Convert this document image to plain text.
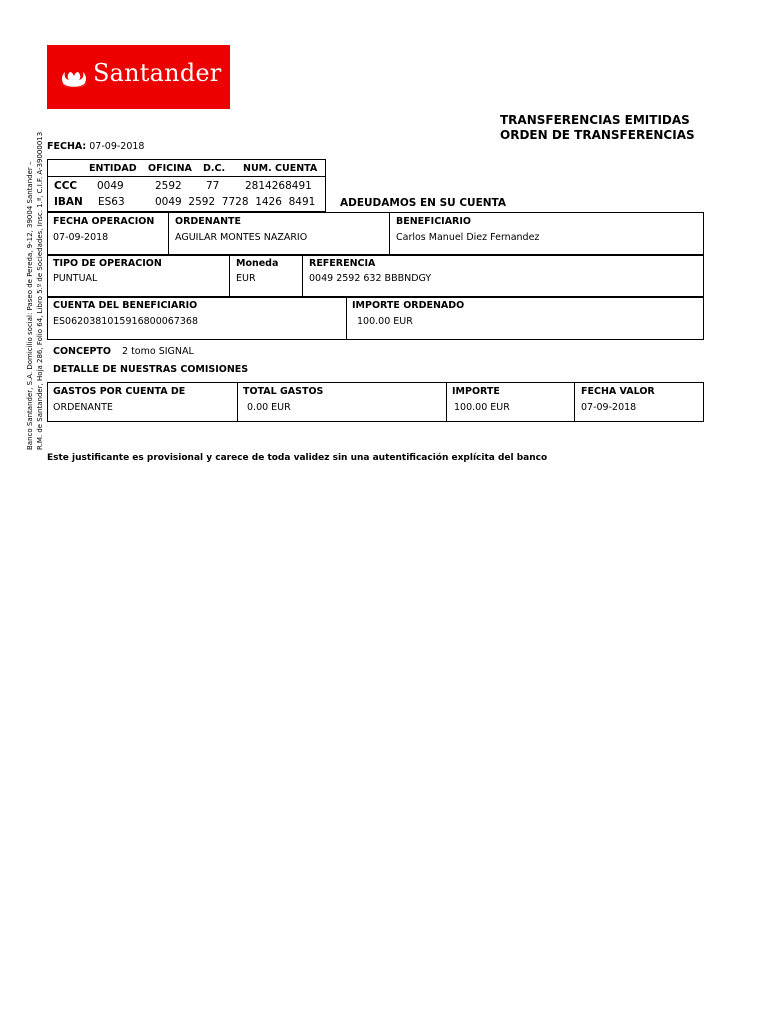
Santander
Banco Santander, S.A. Domicilio social: Paseo de Pereda, 9-12, 39004 Santander – R.M. de Santander, Hoja 286, Folio 64, Libro 5.º de Sociedades, Insc. 1.ª, C.I.F. A-39000013
TRANSFERENCIAS EMITIDAS
ORDEN DE TRANSFERENCIAS
FECHA: 07-09-2018
ENTIDAD OFICINA D.C. NUM. CUENTA
CCC 0049	2592 77 2814268491
IBAN ES63	0049  2592  7728  1426  8491 ADEUDAMOS EN SU CUENTA
FECHA OPERACION
07-09-2018
ORDENANTE
AGUILAR MONTES NAZARIO
BENEFICIARIO
Carlos Manuel Diez Fernandez
TIPO DE OPERACION
PUNTUAL
Moneda
EUR
REFERENCIA
0049 2592 632 BBBNDGY
CUENTA DEL BENEFICIARIO
ES0620381015916800067368
IMPORTE ORDENADO
100.00 EUR
CONCEPTO 2 tomo SIGNAL
DETALLE DE NUESTRAS COMISIONES
GASTOS POR CUENTA DE
ORDENANTE
TOTAL GASTOS
0.00 EUR
IMPORTE
100.00 EUR
FECHA VALOR
07-09-2018
Este justificante es provisional y carece de toda validez sin una autentificación explícita del banco
